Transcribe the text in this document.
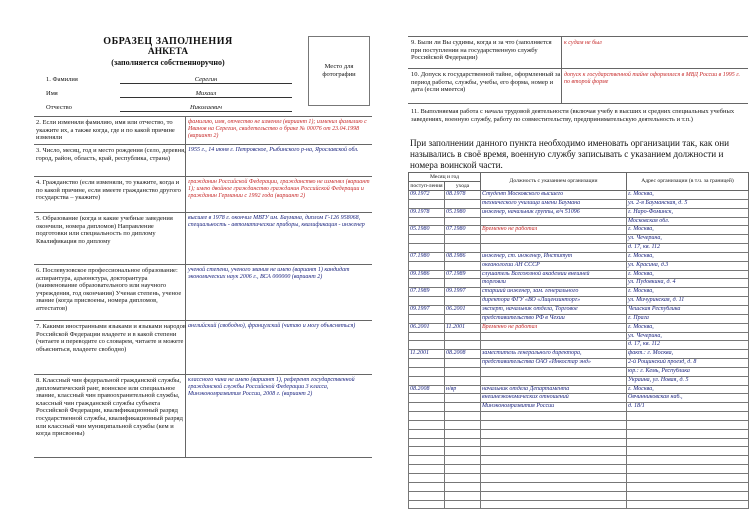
ОБРАЗЕЦ ЗАПОЛНЕНИЯ
АНКЕТА
(заполняется собственноручно)	Место для фотографии
1. Фамилия	Серегин
Имя	Михаил
Отчество	Николаевич
2. Если изменяли фамилию, имя или отчество, то укажите их, а также когда, где и по какой причине изменяли
фамилию, имя, отчество не изменял (вариант 1); изменил фамилию с Иванов на Серегин, свидетельство о браке № 00076 от 23.04.1998 (вариант 2)
3. Число, месяц, год и место рождения (село, деревня, город, район, область, край, республика, страна)
1955 г., 14 июня г. Петровское, Рыбинского р-на, Ярославской обл.
4. Гражданство (если изменяли, то укажите, когда и по какой причине, если имеете гражданство другого государства – укажите)
гражданин Российской Федерации, гражданство не изменял (вариант 1); имею двойное гражданство гражданин Российской Федерации и гражданин Германии с 1992 года (вариант 2)
5. Образование (когда и какие учебные заведения окончили, номера дипломов) Направление подготовки или специальность по диплому Квалификация по диплому
высшее в 1978 г. окончил МВТУ им. Баумана, диплом Г-126 958068, специальность - автоматические приборы, квалификация - инженер
6. Послевузовское профессиональное образование: аспирантура, адъюнктура, докторантура (наименование образовательного или научного учреждения, год окончания) Ученая степень, ученое звание (когда присвоены, номера дипломов, аттестатов)
ученой степени, ученого звания не имею (вариант 1) кандидат экономических наук 2006 г., ВСА 000000 (вариант 2)
7. Какими иностранными языками и языками народов Российской Федерации владеете и в какой степени (читаете и переводите со словарем, читаете и можете объясняться, владеете свободно)
английский (свободно), французский (читаю и могу объясняться)
8. Классный чин федеральной гражданской службы, дипломатический ранг, воинское или специальное звание, классный чин правоохранительной службы, классный чин гражданской службы субъекта Российской Федерации, квалификационный разряд государственной службы, квалификационный разряд или классный чин муниципальной службы (кем и когда присвоены)
классного чина не имею (вариант 1), референт государственной гражданской службы Российской Федерации 3 класса, Минэкономразвития России, 2008 г. (вариант 2)
9. Были ли Вы судимы, когда и за что (заполняется при поступлении на государственную службу Российской Федерации)
к судам не был
10. Допуск к государственной тайне, оформленный за период работы, службы, учебы, его форма, номер и дата (если имеется)
допуск к государственной тайне оформлялся в МВД России в 1995 г. по второй форме
11. Выполняемая работа с начала трудовой деятельности (включая учебу в высших и средних специальных учебных заведениях, военную службу, работу по совместительству, предпринимательскую деятельность и т.п.)
При заполнении данного пункта необходимо именовать организации так, как они назывались в своё время, военную службу записывать с указанием должности и номера воинской части.
Месяц и год		Должность с указанием организации	Адрес организации (в т.ч. за границей)
поступ-ления	ухода		
09.1972	08.1978	Студент Московского высшего	г. Москва,
		технического училища имени Баумана	ул. 2-я Бауманская, д. 5
09.1978	05.1980	инженер, начальник группы, в/ч 51096	г. Наро-Фоминск,
			Московская обл.
05.1980	07.1980	Временно не работал	г. Москва,
			ул. Чечерина,
			д. 17, кв. 112
07.1980	08.1986	инженер, ст. инженер, Институт	г. Москва,
		океанологии АН СССР	ул. Красина, д.3
09.1986	07.1989	слушатель Всесоюзной академии внешней	г. Москва,
		торговли	ул. Пудовкина, д. 4
07.1989	09.1997	старший инженер, зам. генерального	г. Москва,
		директора ФГУ «ВО «Лицензинторг»	ул. Мичуринская, д. 11
09.1997	06.2001	эксперт, начальник отдела, Торговое	Чешская Республика
		представительство РФ в Чехии	г. Прага
06.2001	11.2001	Временно не работал	г. Москва,
			ул. Чечерина,
			д. 17, кв. 112
11.2001	08.2008	заместитель генерального директора,	факт.: г. Москва,
		представительства ОАО «Инкостар энд»	2-й Рощинский проезд, д. 8
			юр.: г. Кемь, Республика
			Украина, ул. Новая, д. 5
08.2008	н/вр	начальник отдела Департамента	г. Москва,
		внешнеэкономических отношений	Овчинниковская наб.,
		Минэкономразвития России	д. 18/1
